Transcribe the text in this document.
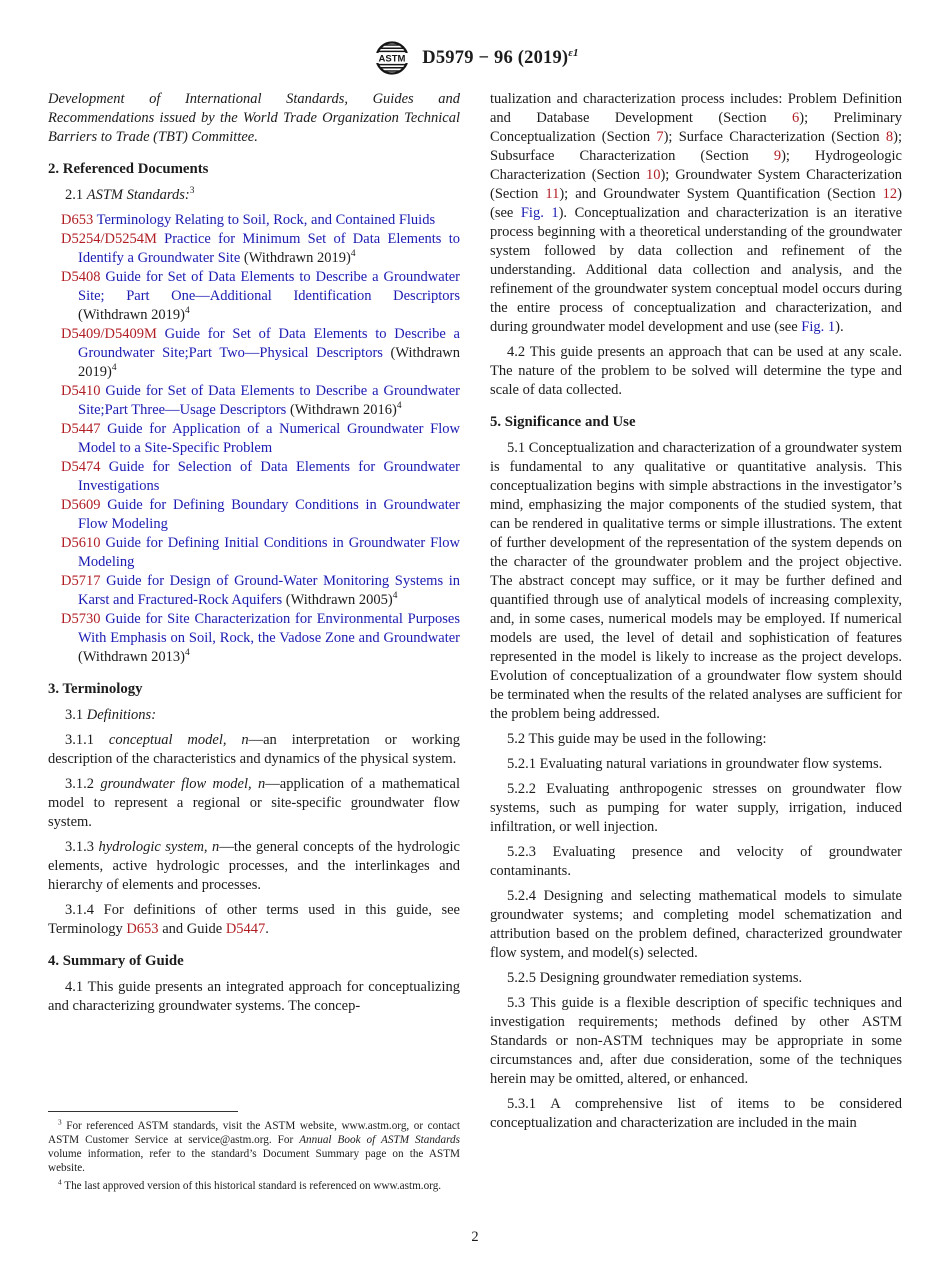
ASTM D5979 − 96 $(2019)^{\varepsilon 1}$

Development of International Standards, Guides and Recommendations issued by the World Trade Organization Technical Barriers to Trade (TBT) Committee.

2. Referenced Documents

2.1 ASTM Standards:$^3$

D653 Terminology Relating to Soil, Rock, and Contained Fluids

D5254/D5254M Practice for Minimum Set of Data Elements to Identify a Groundwater Site (Withdrawn 2019)$^4$

D5408 Guide for Set of Data Elements to Describe a Groundwater Site; Part One—Additional Identification Descriptors (Withdrawn 2019)$^4$

D5409/D5409M Guide for Set of Data Elements to Describe a Groundwater Site;Part Two—Physical Descriptors (Withdrawn 2019)$^4$

D5410 Guide for Set of Data Elements to Describe a Groundwater Site;Part Three—Usage Descriptors (Withdrawn 2016)$^4$

D5447 Guide for Application of a Numerical Groundwater Flow Model to a Site-Specific Problem

D5474 Guide for Selection of Data Elements for Groundwater Investigations

D5609 Guide for Defining Boundary Conditions in Groundwater Flow Modeling

D5610 Guide for Defining Initial Conditions in Groundwater Flow Modeling

D5717 Guide for Design of Ground-Water Monitoring Systems in Karst and Fractured-Rock Aquifers (Withdrawn 2005)$^4$

D5730 Guide for Site Characterization for Environmental Purposes With Emphasis on Soil, Rock, the Vadose Zone and Groundwater (Withdrawn 2013)$^4$

3. Terminology

3.1 Definitions:

3.1.1 conceptual model, n—an interpretation or working description of the characteristics and dynamics of the physical system.

3.1.2 groundwater flow model, n—application of a mathematical model to represent a regional or site-specific groundwater flow system.

3.1.3 hydrologic system, n—the general concepts of the hydrologic elements, active hydrologic processes, and the interlinkages and hierarchy of elements and processes.

3.1.4 For definitions of other terms used in this guide, see Terminology D653 and Guide D5447.

4. Summary of Guide

4.1 This guide presents an integrated approach for conceptualizing and characterizing groundwater systems. The concep-

$^3$ For referenced ASTM standards, visit the ASTM website, www.astm.org, or contact ASTM Customer Service at service@astm.org. For Annual Book of ASTM Standards volume information, refer to the standard’s Document Summary page on the ASTM website.

$^4$ The last approved version of this historical standard is referenced on www.astm.org.

tualization and characterization process includes: Problem Definition and Database Development (Section 6); Preliminary Conceptualization (Section 7); Surface Characterization (Section 8); Subsurface Characterization (Section 9); Hydrogeologic Characterization (Section 10); Groundwater System Characterization (Section 11); and Groundwater System Quantification (Section 12) (see Fig. 1). Conceptualization and characterization is an iterative process beginning with a theoretical understanding of the groundwater system followed by data collection and refinement of the understanding. Additional data collection and analysis, and the refinement of the groundwater system conceptual model occurs during the entire process of conceptualization and characterization, and during groundwater model development and use (see Fig. 1).

4.2 This guide presents an approach that can be used at any scale. The nature of the problem to be solved will determine the type and scale of data collected.

5. Significance and Use

5.1 Conceptualization and characterization of a groundwater system is fundamental to any qualitative or quantitative analysis. This conceptualization begins with simple abstractions in the investigator’s mind, emphasizing the major components of the studied system, that can be rendered in qualitative terms or simple illustrations. The extent of further development of the representation of the system depends on the character of the groundwater problem and the project objective. The abstract concept may suffice, or it may be further defined and quantified through use of analytical models of increasing complexity, and, in some cases, numerical models may be employed. If numerical models are used, the level of detail and sophistication of features represented in the model is likely to increase as the project develops. Evolution of conceptualization of a groundwater flow system should be terminated when the results of the related analyses are sufficient for the problem being addressed.

5.2 This guide may be used in the following:

5.2.1 Evaluating natural variations in groundwater flow systems.

5.2.2 Evaluating anthropogenic stresses on groundwater flow systems, such as pumping for water supply, irrigation, induced infiltration, or well injection.

5.2.3 Evaluating presence and velocity of groundwater contaminants.

5.2.4 Designing and selecting mathematical models to simulate groundwater systems; and completing model schematization and attribution based on the problem defined, characterized groundwater flow system, and model(s) selected.

5.2.5 Designing groundwater remediation systems.

5.3 This guide is a flexible description of specific techniques and investigation requirements; methods defined by other ASTM Standards or non-ASTM techniques may be appropriate in some circumstances and, after due consideration, some of the techniques herein may be omitted, altered, or enhanced.

5.3.1 A comprehensive list of items to be considered conceptualization and characterization are included in the main

2
